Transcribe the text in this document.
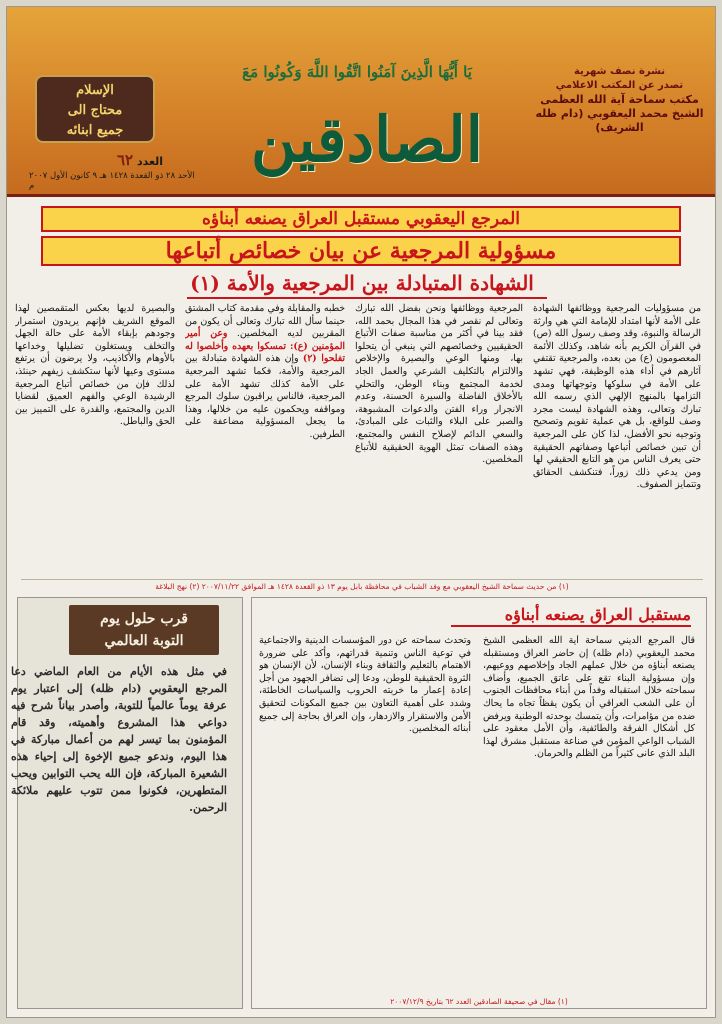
يَا أَيُّهَا الَّذِينَ آمَنُوا اتَّقُوا اللَّهَ وَكُونُوا مَعَ
الصادقين
نشرة نصف شهرية
تصدر عن المكتب الاعلامي
مكتب سماحة آية الله العظمى
الشيخ محمد اليعقوبي (دام ظله الشريف)
الإسلام
محتاج الى
جميع ابنائه
العدد ٦٢
الأحد ٢٨ ذو القعدة ١٤٢٨ هـ ٩ كانون الأول ٢٠٠٧ م
المرجع اليعقوبي مستقبل العراق يصنعه أبناؤه
مسؤولية المرجعية عن بيان خصائص أتباعها
الشهادة المتبادلة بين المرجعية والأمة (١)
من مسؤوليات المرجعية ووظائفها الشهادة على الأمة لأنها امتداد للإمامة التي هي وارثة الرسالة والنبوة، وقد وصف رسول الله (ص) في القرآن الكريم بأنه شاهد، وكذلك الأئمة المعصومون (ع) من بعده، والمرجعية تقتفي آثارهم في أداء هذه الوظيفة، فهي تشهد على الأمة في سلوكها وتوجهاتها ومدى التزامها بالمنهج الإلهي الذي رسمه الله تبارك وتعالى، وهذه الشهادة ليست مجرد وصف للواقع، بل هي عملية تقويم وتصحيح وتوجيه نحو الأفضل، لذا كان على المرجعية أن تبين خصائص أتباعها وصفاتهم الحقيقية حتى يعرف الناس من هو التابع الحقيقي لها ومن يدعي ذلك زوراً، فتنكشف الحقائق وتتمايز الصفوف.
المرجعية ووظائفها ونحن بفضل الله تبارك وتعالى لم نقصر في هذا المجال بحمد الله، فقد بينا في أكثر من مناسبة صفات الأتباع الحقيقيين وخصائصهم التي ينبغي أن يتحلوا بها، ومنها الوعي والبصيرة والإخلاص والالتزام بالتكليف الشرعي والعمل الجاد لخدمة المجتمع وبناء الوطن، والتحلي بالأخلاق الفاضلة والسيرة الحسنة، وعدم الانجرار وراء الفتن والدعوات المشبوهة، والصبر على البلاء والثبات على المبادئ، والسعي الدائم لإصلاح النفس والمجتمع، وهذه الصفات تمثل الهوية الحقيقية للأتباع المخلصين.
خطبه والمقابلة وفي مقدمة كتاب المشتق حينما سأل الله تبارك وتعالى أن يكون من المقربين لديه المخلصين. وعن أمير المؤمنين (ع): تمسكوا بعهده وأخلصوا له تفلحوا (٢) وإن هذه الشهادة متبادلة بين المرجعية والأمة، فكما تشهد المرجعية على الأمة كذلك تشهد الأمة على المرجعية، فالناس يراقبون سلوك المرجع ومواقفه ويحكمون عليه من خلالها، وهذا ما يجعل المسؤولية مضاعفة على الطرفين.
والبصيرة لديها بعكس المتقمصين لهذا الموقع الشريف فإنهم يريدون استمرار وجودهم بإبقاء الأمة على حالة الجهل والتخلف ويستغلون تضليلها وخداعها بالأوهام والأكاذيب، ولا يرضون أن يرتفع مستوى وعيها لأنها ستكشف زيفهم حينئذ، لذلك فإن من خصائص أتباع المرجعية الرشيدة الوعي والفهم العميق لقضايا الدين والمجتمع، والقدرة على التمييز بين الحق والباطل.
(١) من حديث سماحة الشيخ اليعقوبي مع وفد الشباب في محافظة بابل يوم ١٣ ذو القعدة ١٤٢٨ هـ الموافق ٢٠٠٧/١١/٢٢ (٢) نهج البلاغة
مستقبل العراق يصنعه أبناؤه
قال المرجع الديني سماحة آية الله العظمى الشيخ محمد اليعقوبي (دام ظله) إن حاضر العراق ومستقبله يصنعه أبناؤه من خلال عملهم الجاد وإخلاصهم ووعيهم، وإن مسؤولية البناء تقع على عاتق الجميع، وأضاف سماحته خلال استقباله وفداً من أبناء محافظات الجنوب أن على الشعب العراقي أن يكون يقظاً تجاه ما يحاك ضده من مؤامرات، وأن يتمسك بوحدته الوطنية ويرفض كل أشكال الفرقة والطائفية، وأن الأمل معقود على الشباب الواعي المؤمن في صناعة مستقبل مشرق لهذا البلد الذي عانى كثيراً من الظلم والحرمان.
وتحدث سماحته عن دور المؤسسات الدينية والاجتماعية في توعية الناس وتنمية قدراتهم، وأكد على ضرورة الاهتمام بالتعليم والثقافة وبناء الإنسان، لأن الإنسان هو الثروة الحقيقية للوطن، ودعا إلى تضافر الجهود من أجل إعادة إعمار ما خربته الحروب والسياسات الخاطئة، وشدد على أهمية التعاون بين جميع المكونات لتحقيق الأمن والاستقرار والازدهار، وإن العراق بحاجة إلى جميع أبنائه المخلصين.
(١) مقال في صحيفة الصادقين العدد ٦٢ بتاريخ ٢٠٠٧/١٢/٩
قرب حلول يوم
التوبة العالمي
في مثل هذه الأيام من العام الماضي دعا المرجع اليعقوبي (دام ظله) إلى اعتبار يوم عرفة يوماً عالمياً للتوبة، وأصدر بياناً شرح فيه دواعي هذا المشروع وأهميته، وقد قام المؤمنون بما تيسر لهم من أعمال مباركة في هذا اليوم، وندعو جميع الإخوة إلى إحياء هذه الشعيرة المباركة، فإن الله يحب التوابين ويحب المتطهرين، فكونوا ممن تتوب عليهم ملائكة الرحمن.
